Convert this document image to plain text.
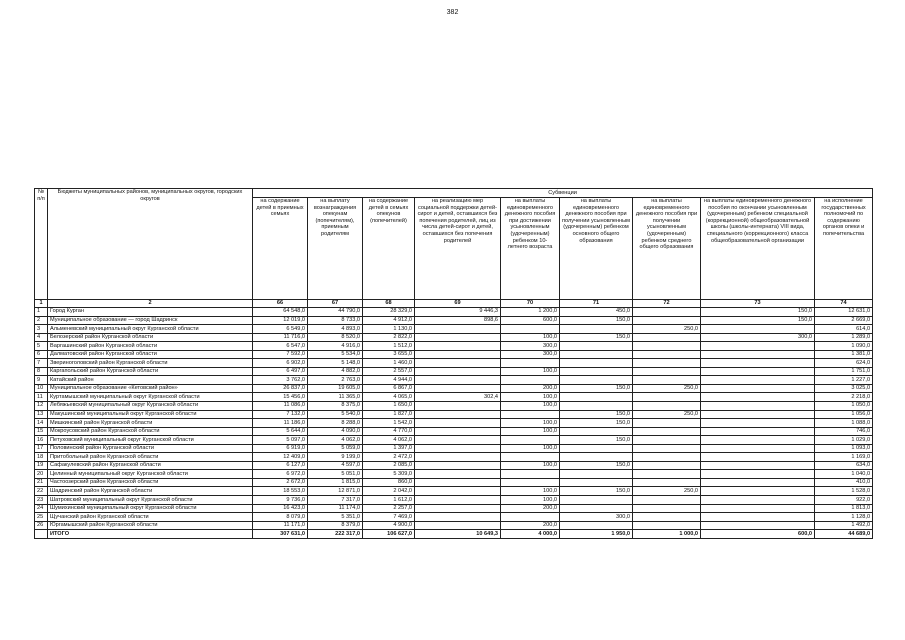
382
№ п/п	Бюджеты муниципальных районов, муниципальных округов, городских округов	Субвенции								
		на содержание детей в приемных семьях	на выплату вознаграждения опекунам (попечителям), приемным родителям	на содержание детей в семьях опекунов (попечителей)	на реализацию мер социальной поддержки детей-сирот и детей, оставшихся без попечения родителей, лиц из числа детей-сирот и детей, оставшихся без попечения родителей	на выплаты единовременного денежного пособия при достижении усыновленным (удочеренным) ребенком 10-летнего возраста	на выплаты единовременного денежного пособия при получении усыновленным (удочеренным) ребенком основного общего образования	на выплаты единовременного денежного пособия при получении усыновленным (удочеренным) ребенком среднего общего образования	на выплаты единовременного денежного пособия по окончании усыновленным (удочеренным) ребенком специальной (коррекционной) общеобразовательной школы (школы-интерната) VIII вида, специального (коррекционного) класса общеобразовательной организации	на исполнение государственных полномочий по содержанию органов опеки и попечительства
1	2	66	67	68	69	70	71	72	73	74
1	Город Курган	64 548,0	44 790,0	28 329,0	9 446,3	1 200,0	450,0		150,0	12 631,0
2	Муниципальное образование — город Шадринск	12 019,0	8 733,0	4 912,0	898,6	600,0	150,0		150,0	2 669,0
3	Альменевский муниципальный округ Курганской области	6 549,0	4 893,0	1 130,0				250,0		614,0
4	Белозерский район Курганской области	11 716,0	8 520,0	2 822,0		100,0	150,0		300,0	1 289,0
5	Варгашинский район Курганской области	6 547,0	4 916,0	1 512,0		300,0				1 090,0
6	Далматовский район Курганской области	7 592,0	5 534,0	3 655,0		300,0				1 381,0
7	Звериноголовский район Курганской области	6 902,0	5 148,0	1 460,0						624,0
8	Каргапольский район Курганской области	6 497,0	4 882,0	2 557,0		100,0				1 751,0
9	Катайский район	3 762,0	2 763,0	4 944,0						1 227,0
10	Муниципальное образование «Кетовский район»	26 837,0	19 605,0	6 867,0		200,0	150,0	250,0		3 025,0
11	Куртамышский муниципальный округ Курганской области	15 456,0	11 365,0	4 065,0	302,4	100,0				2 218,0
12	Лебяжьевский муниципальный округ Курганской области	11 086,0	8 375,0	1 650,0		100,0				1 050,0
13	Макушинский муниципальный округ Курганской области	7 132,0	5 540,0	1 827,0			150,0	250,0		1 056,0
14	Мишкинский район Курганской области	11 186,0	8 288,0	1 542,0		100,0	150,0			1 088,0
15	Мокроусовский район Курганской области	5 644,0	4 090,0	4 770,0		100,0				746,0
16	Петуховский муниципальный округ Курганской области	5 097,0	4 062,0	4 062,0			150,0			1 029,0
17	Половинский район Курганской области	6 919,0	5 059,0	1 397,0		100,0				1 093,0
18	Притобольный район Курганской области	12 409,0	9 199,0	2 472,0						1 169,0
19	Сафакулевский район Курганской области	6 127,0	4 597,0	2 085,0		100,0	150,0			634,0
20	Целинный муниципальный округ Курганской области	6 972,0	5 051,0	5 309,0						1 040,0
21	Частоозерский район Курганской области	2 672,0	1 815,0	860,0						410,0
22	Шадринский район Курганской области	18 553,0	12 871,0	2 042,0		100,0	150,0	250,0		1 528,0
23	Шатровский муниципальный округ Курганской области	9 736,0	7 317,0	1 612,0		100,0				922,0
24	Шумихинский муниципальный округ Курганской области	16 423,0	11 174,0	2 257,0		200,0				1 813,0
25	Щучанский район Курганской области	8 079,0	5 351,0	7 469,0			300,0			1 128,0
26	Юргамышский район Курганской области	11 171,0	8 379,0	4 900,0		200,0				1 492,0
	ИТОГО	307 631,0	222 317,0	106 627,0	10 649,3	4 000,0	1 950,0	1 000,0	600,0	44 689,0
